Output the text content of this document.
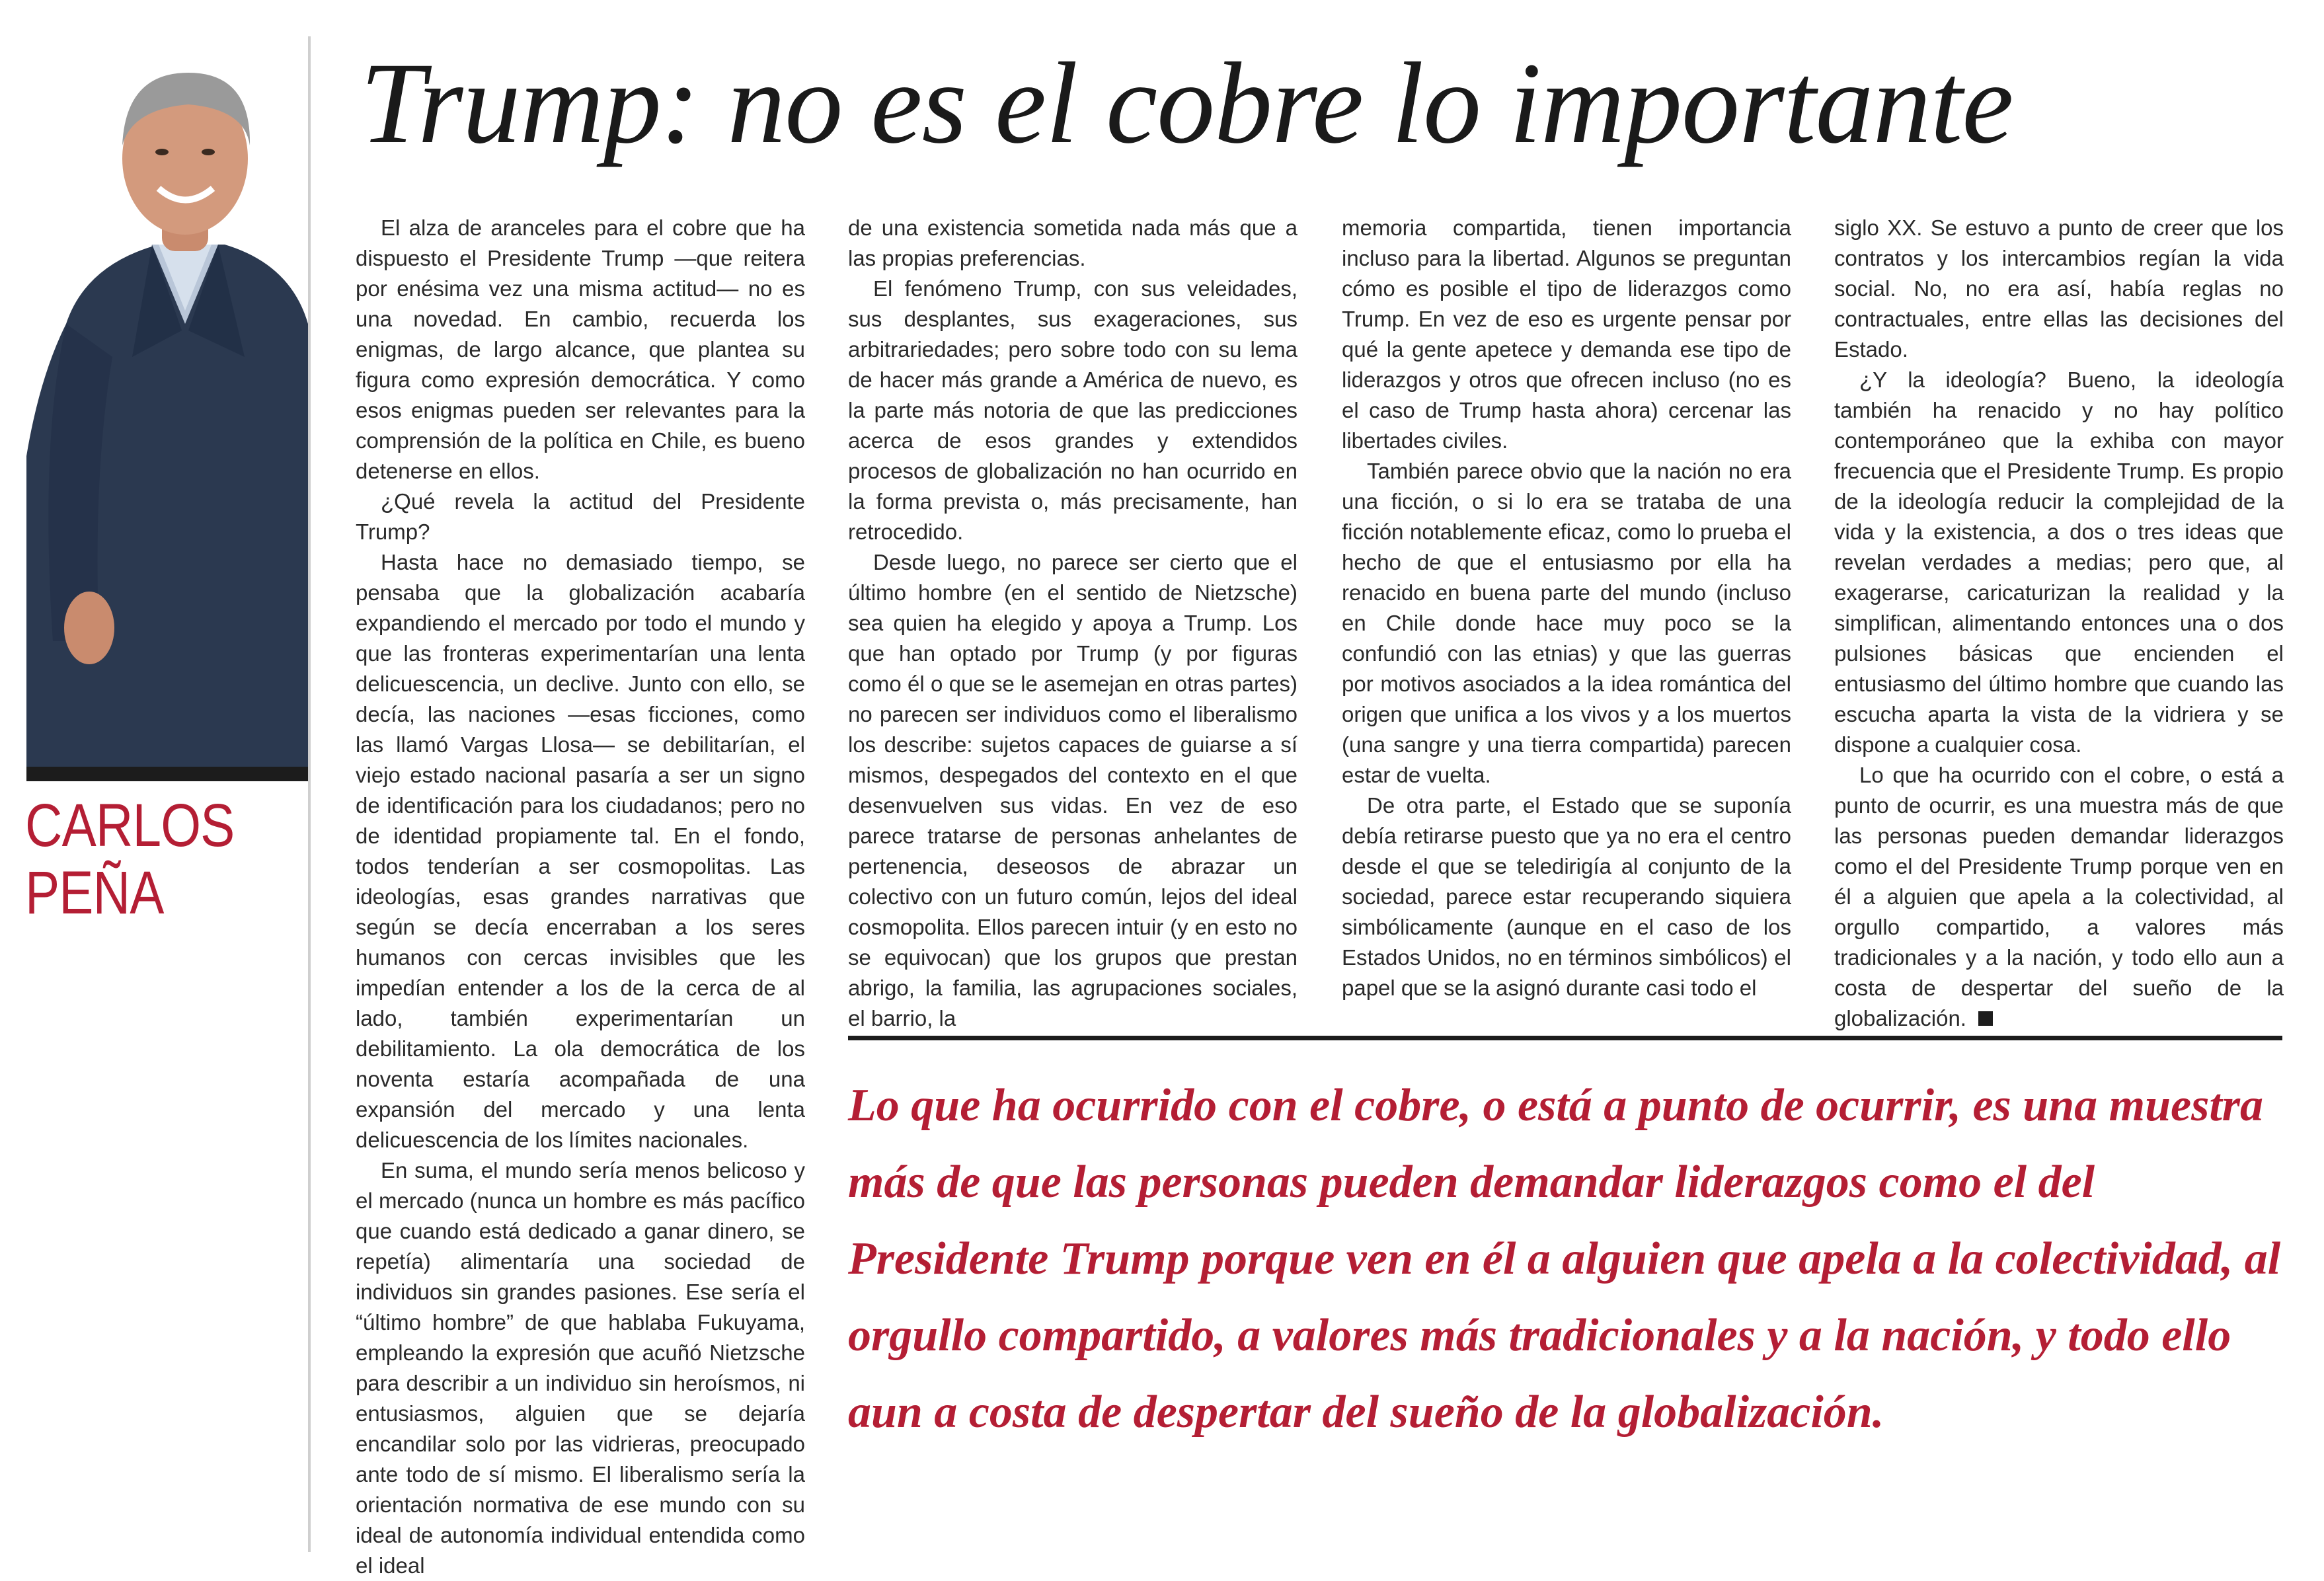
CARLOS
PEÑA
Trump: no es el cobre lo importante

El alza de aranceles para el cobre que ha dispuesto el Presidente Trump —que reitera por enésima vez una misma actitud— no es una novedad. En cambio, recuerda los enigmas, de largo alcance, que plantea su figura como expresión democrática. Y como esos enigmas pueden ser relevantes para la comprensión de la política en Chile, es bueno detenerse en ellos.

¿Qué revela la actitud del Presidente Trump?

Hasta hace no demasiado tiempo, se pensaba que la globalización acabaría expandiendo el mercado por todo el mundo y que las fronteras experimentarían una lenta delicuescencia, un declive. Junto con ello, se decía, las naciones —esas ficciones, como las llamó Vargas Llosa— se debilitarían, el viejo estado nacional pasaría a ser un signo de identificación para los ciudadanos; pero no de identidad propiamente tal. En el fondo, todos tenderían a ser cosmopolitas. Las ideologías, esas grandes narrativas que según se decía encerraban a los seres humanos con cercas invisibles que les impedían entender a los de la cerca de al lado, también experimentarían un debilitamiento. La ola democrática de los noventa estaría acompañada de una expansión del mercado y una lenta delicuescencia de los límites nacionales.

En suma, el mundo sería menos belicoso y el mercado (nunca un hombre es más pacífico que cuando está dedicado a ganar dinero, se repetía) alimentaría una sociedad de individuos sin grandes pasiones. Ese sería el “último hombre” de que hablaba Fukuyama, empleando la expresión que acuñó Nietzsche para describir a un individuo sin heroísmos, ni entusiasmos, alguien que se dejaría encandilar solo por las vidrieras, preocupado ante todo de sí mismo. El liberalismo sería la orientación normativa de ese mundo con su ideal de autonomía individual entendida como el ideal

de una existencia sometida nada más que a las propias preferencias.

El fenómeno Trump, con sus veleidades, sus desplantes, sus exageraciones, sus arbitrariedades; pero sobre todo con su lema de hacer más grande a América de nuevo, es la parte más notoria de que las predicciones acerca de esos grandes y extendidos procesos de globalización no han ocurrido en la forma prevista o, más precisamente, han retrocedido.

Desde luego, no parece ser cierto que el último hombre (en el sentido de Nietzsche) sea quien ha elegido y apoya a Trump. Los que han optado por Trump (y por figuras como él o que se le asemejan en otras partes) no parecen ser individuos como el liberalismo los describe: sujetos capaces de guiarse a sí mismos, despegados del contexto en el que desenvuelven sus vidas. En vez de eso parece tratarse de personas anhelantes de pertenencia, deseosos de abrazar un colectivo con un futuro común, lejos del ideal cosmopolita. Ellos parecen intuir (y en esto no se equivocan) que los grupos que prestan abrigo, la familia, las agrupaciones sociales, el barrio, la

memoria compartida, tienen importancia incluso para la libertad. Algunos se preguntan cómo es posible el tipo de liderazgos como Trump. En vez de eso es urgente pensar por qué la gente apetece y demanda ese tipo de liderazgos y otros que ofrecen incluso (no es el caso de Trump hasta ahora) cercenar las libertades civiles.

También parece obvio que la nación no era una ficción, o si lo era se trataba de una ficción notablemente eficaz, como lo prueba el hecho de que el entusiasmo por ella ha renacido en buena parte del mundo (incluso en Chile donde hace muy poco se la confundió con las etnias) y que las guerras por motivos asociados a la idea romántica del origen que unifica a los vivos y a los muertos (una sangre y una tierra compartida) parecen estar de vuelta.

De otra parte, el Estado que se suponía debía retirarse puesto que ya no era el centro desde el que se teledirigía al conjunto de la sociedad, parece estar recuperando siquiera simbólicamente (aunque en el caso de los Estados Unidos, no en términos simbólicos) el papel que se la asignó durante casi todo el

siglo XX. Se estuvo a punto de creer que los contratos y los intercambios regían la vida social. No, no era así, había reglas no contractuales, entre ellas las decisiones del Estado.

¿Y la ideología? Bueno, la ideología también ha renacido y no hay político contemporáneo que la exhiba con mayor frecuencia que el Presidente Trump. Es propio de la ideología reducir la complejidad de la vida y la existencia, a dos o tres ideas que revelan verdades a medias; pero que, al exagerarse, caricaturizan la realidad y la simplifican, alimentando entonces una o dos pulsiones básicas que encienden el entusiasmo del último hombre que cuando las escucha aparta la vista de la vidriera y se dispone a cualquier cosa.

Lo que ha ocurrido con el cobre, o está a punto de ocurrir, es una muestra más de que las personas pueden demandar liderazgos como el del Presidente Trump porque ven en él a alguien que apela a la colectividad, al orgullo compartido, a valores más tradicionales y a la nación, y todo ello aun a costa de despertar del sueño de la globalización.

Lo que ha ocurrido con el cobre, o está a punto de ocurrir, es una muestra más de que las personas pueden demandar liderazgos como el del Presidente Trump porque ven en él a alguien que apela a la colectividad, al orgullo compartido, a valores más tradicionales y a la nación, y todo ello aun a costa de despertar del sueño de la globalización.
